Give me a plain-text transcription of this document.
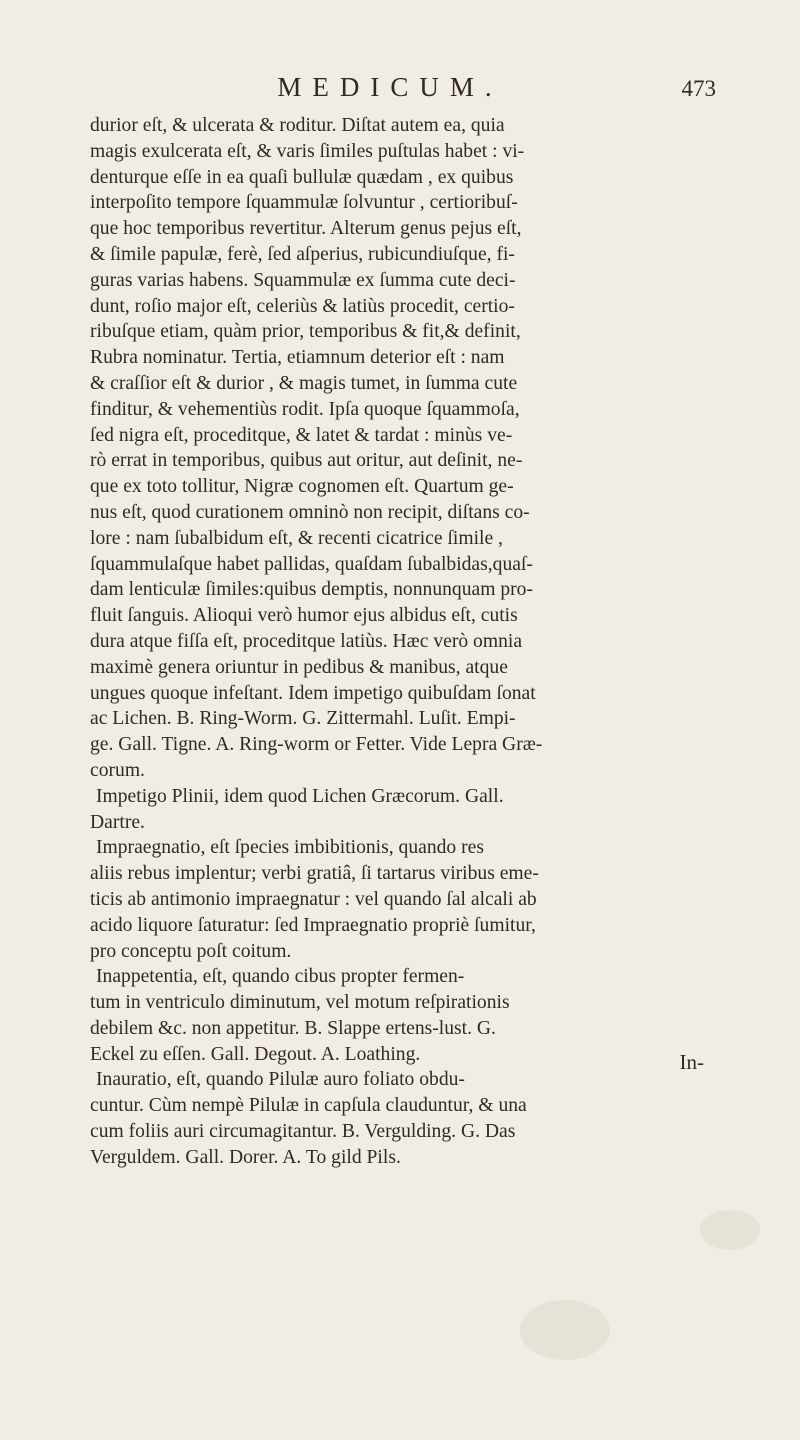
MEDICUM.	473
durior eſt, & ulcerata & roditur. Diſtat autem ea, quia
magis exulcerata eſt, & varis ſimiles puſtulas habet : vi-
denturque eſſe in ea quaſi bullulæ quædam , ex quibus
interpoſito tempore ſquammulæ ſolvuntur , certioribuſ-
que hoc temporibus revertitur. Alterum genus pejus eſt,
& ſimile papulæ, ferè, ſed aſperius, rubicundiuſque, fi-
guras varias habens. Squammulæ ex ſumma cute deci-
dunt, roſio major eſt, celeriùs & latiùs procedit, certio-
ribuſque etiam, quàm prior, temporibus & fit,& definit,
Rubra nominatur. Tertia, etiamnum deterior eſt : nam
& craſſior eſt & durior , & magis tumet, in ſumma cute
finditur, & vehementiùs rodit. Ipſa quoque ſquammoſa,
ſed nigra eſt, proceditque, & latet & tardat : minùs ve-
rò errat in temporibus, quibus aut oritur, aut deſinit, ne-
que ex toto tollitur, Nigræ cognomen eſt. Quartum ge-
nus eſt, quod curationem omninò non recipit, diſtans co-
lore : nam ſubalbidum eſt, & recenti cicatrice ſimile ,
ſquammulaſque habet pallidas, quaſdam ſubalbidas,quaſ-
dam lenticulæ ſimiles:quibus demptis, nonnunquam pro-
fluit ſanguis. Alioqui verò humor ejus albidus eſt, cutis
dura atque fiſſa eſt, proceditque latiùs. Hæc verò omnia
maximè genera oriuntur in pedibus & manibus, atque
ungues quoque infeſtant. Idem impetigo quibuſdam ſonat
ac Lichen. B. Ring-Worm. G. Zittermahl. Luſit. Empi-
ge. Gall. Tigne. A. Ring-worm or Fetter. Vide Lepra Græ-
corum.
Impetigo Plinii, idem quod Lichen Græcorum. Gall.
Dartre.
Impraegnatio, eſt ſpecies imbibitionis, quando res
aliis rebus implentur; verbi gratiâ, ſi tartarus viribus eme-
ticis ab antimonio impraegnatur : vel quando ſal alcali ab
acido liquore ſaturatur: ſed Impraegnatio propriè ſumitur,
pro conceptu poſt coitum.
Inappetentia, eſt, quando cibus propter fermen-
tum in ventriculo diminutum, vel motum reſpirationis
debilem &c. non appetitur. B. Slappe ertens-lust. G.
Eckel zu eſſen. Gall. Degout. A. Loathing.
Inauratio, eſt, quando Pilulæ auro foliato obdu-
cuntur. Cùm nempè Pilulæ in capſula clauduntur, & una
cum foliis auri circumagitantur. B. Vergulding. G. Das
Verguldem. Gall. Dorer. A. To gild Pils.
In-
